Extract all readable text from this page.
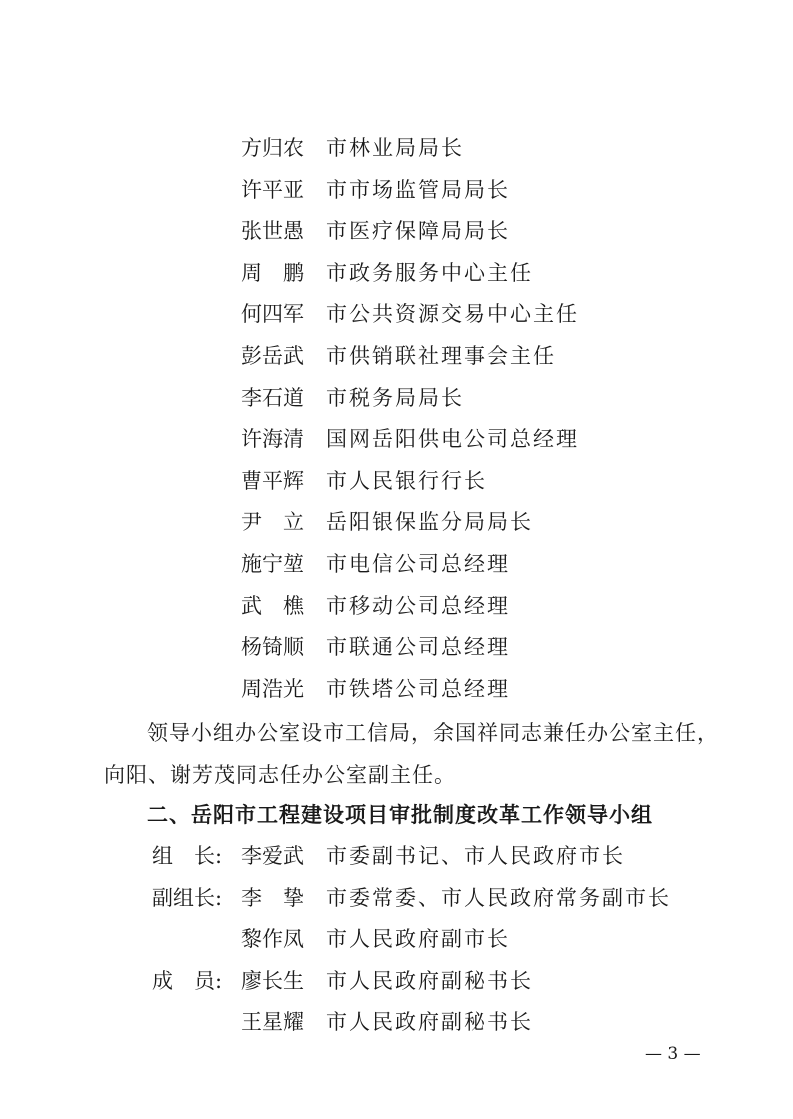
方归农 市林业局局长
许平亚 市市场监管局局长
张世愚 市医疗保障局局长
周　鹏 市政务服务中心主任
何四军 市公共资源交易中心主任
彭岳武 市供销联社理事会主任
李石道 市税务局局长
许海清 国网岳阳供电公司总经理
曹平辉 市人民银行行长
尹　立 岳阳银保监分局局长
施宁堃 市电信公司总经理
武　樵 市移动公司总经理
杨锜顺 市联通公司总经理
周浩光 市铁塔公司总经理
领导小组办公室设市工信局，余国祥同志兼任办公室主任，
向阳、谢芳茂同志任办公室副主任。
二、岳阳市工程建设项目审批制度改革工作领导小组
组　长: 李爱武 市委副书记、市人民政府市长
副组长: 李　挚 市委常委、市人民政府常务副市长
黎作凤 市人民政府副市长
成　员: 廖长生 市人民政府副秘书长
王星耀 市人民政府副秘书长
— 3 —
